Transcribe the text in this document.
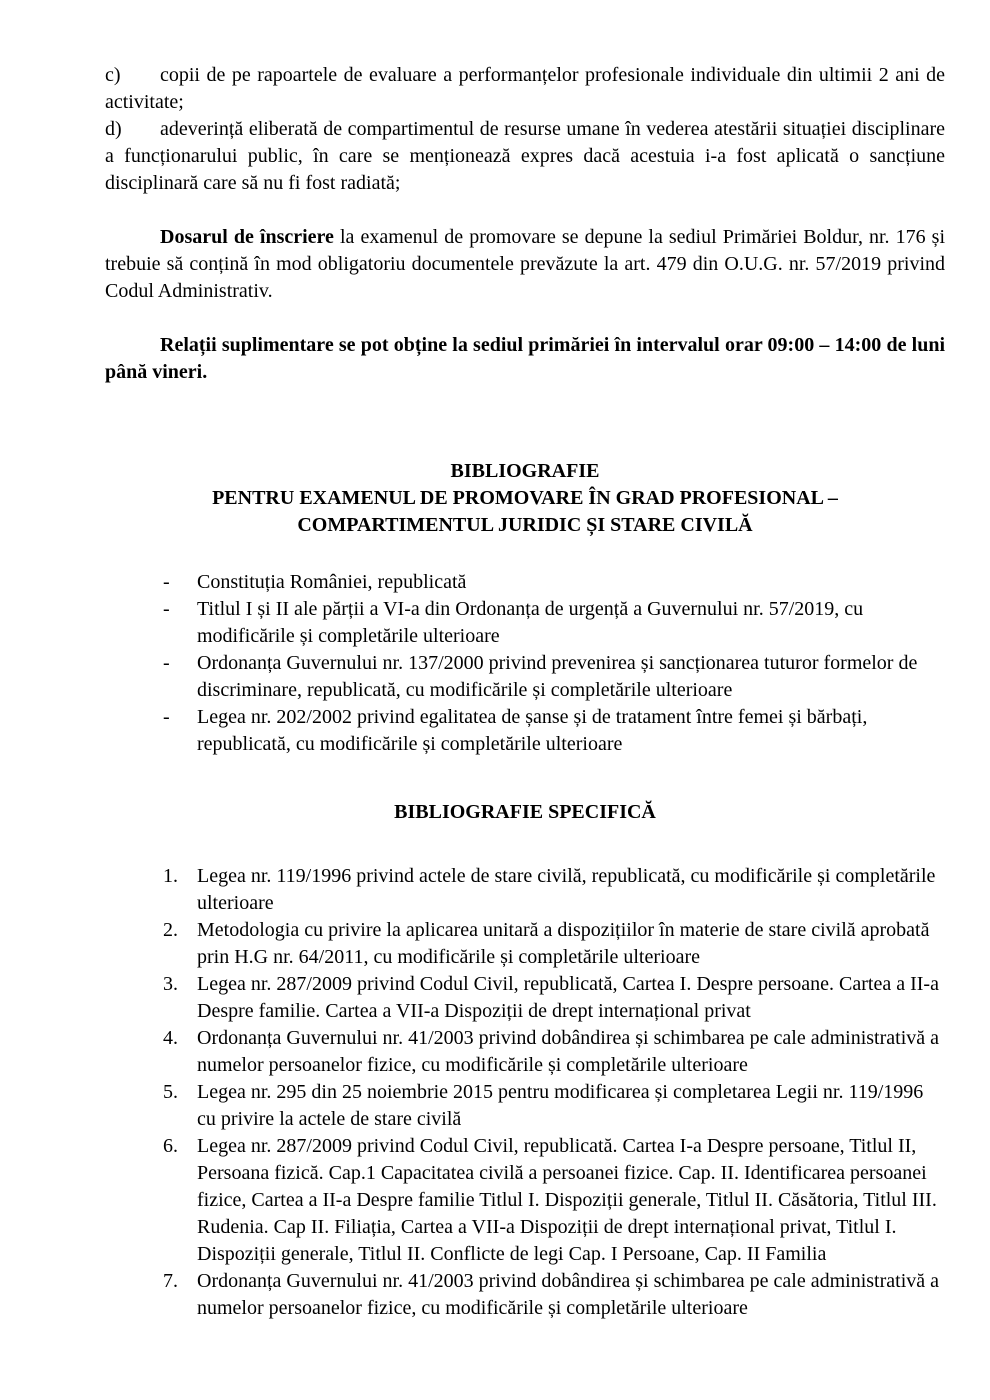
c) copii de pe rapoartele de evaluare a performanțelor profesionale individuale din ultimii 2 ani de activitate;

d) adeverință eliberată de compartimentul de resurse umane în vederea atestării situației disciplinare a funcționarului public, în care se menționează expres dacă acestuia i-a fost aplicată o sancțiune disciplinară care să nu fi fost radiată;

Dosarul de înscriere la examenul de promovare se depune la sediul Primăriei Boldur, nr. 176 și trebuie să conțină în mod obligatoriu documentele prevăzute la art. 479 din O.U.G. nr. 57/2019 privind Codul Administrativ.

Relații suplimentare se pot obține la sediul primăriei în intervalul orar 09:00 – 14:00 de luni până vineri.

BIBLIOGRAFIE
PENTRU EXAMENUL DE PROMOVARE ÎN GRAD PROFESIONAL –
COMPARTIMENTUL JURIDIC ȘI STARE CIVILĂ
- Constituția României, republicată
- Titlul I și II ale părții a VI-a din Ordonanța de urgență a Guvernului nr. 57/2019, cu modificările și completările ulterioare
- Ordonanța Guvernului nr. 137/2000 privind prevenirea și sancționarea tuturor formelor de discriminare, republicată, cu modificările și completările ulterioare
- Legea nr. 202/2002 privind egalitatea de șanse și de tratament între femei și bărbați, republicată, cu modificările și completările ulterioare
BIBLIOGRAFIE SPECIFICĂ
1. Legea nr. 119/1996 privind actele de stare civilă, republicată, cu modificările și completările ulterioare
2. Metodologia cu privire la aplicarea unitară a dispozițiilor în materie de stare civilă aprobată prin H.G nr. 64/2011, cu modificările și completările ulterioare
3. Legea nr. 287/2009 privind Codul Civil, republicată, Cartea I. Despre persoane. Cartea a II-a Despre familie. Cartea a VII-a Dispoziții de drept internațional privat
4. Ordonanța Guvernului nr. 41/2003 privind dobândirea și schimbarea pe cale administrativă a numelor persoanelor fizice, cu modificările și completările ulterioare
5. Legea nr. 295 din 25 noiembrie 2015 pentru modificarea și completarea Legii nr. 119/1996 cu privire la actele de stare civilă
6. Legea nr. 287/2009 privind Codul Civil, republicată. Cartea I-a Despre persoane, Titlul II, Persoana fizică. Cap.1 Capacitatea civilă a persoanei fizice. Cap. II. Identificarea persoanei fizice, Cartea a II-a Despre familie Titlul I. Dispoziții generale, Titlul II. Căsătoria, Titlul III. Rudenia. Cap II. Filiația, Cartea a VII-a Dispoziții de drept internațional privat, Titlul I. Dispoziții generale, Titlul II. Conflicte de legi Cap. I Persoane, Cap. II Familia
7. Ordonanța Guvernului nr. 41/2003 privind dobândirea și schimbarea pe cale administrativă a numelor persoanelor fizice, cu modificările și completările ulterioare
